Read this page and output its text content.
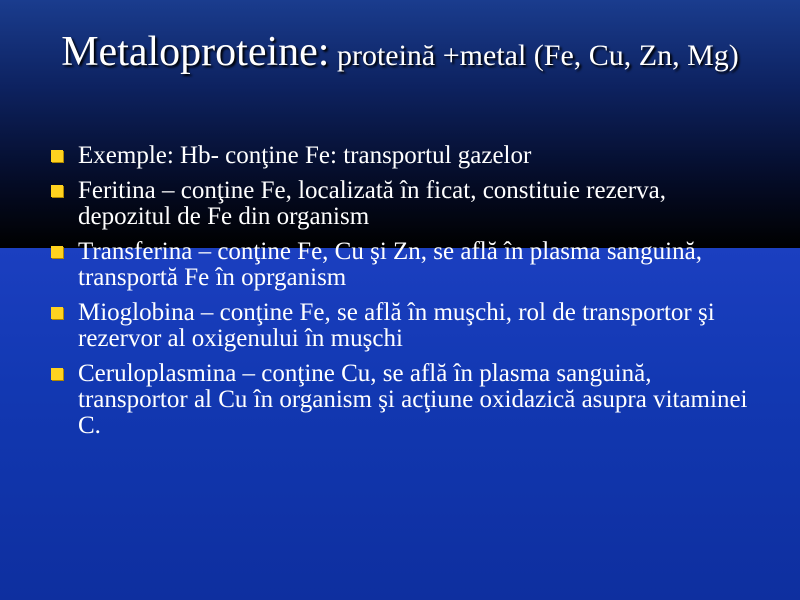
Metaloproteine: proteină +metal (Fe, Cu, Zn, Mg)
Exemple: Hb- conţine Fe: transportul gazelor
Feritina – conţine Fe, localizată în ficat, constituie rezerva, depozitul de Fe din organism
Transferina – conţine Fe, Cu şi Zn, se află în plasma sanguină, transportă Fe în oprganism
Mioglobina – conţine Fe, se află în muşchi, rol de transportor şi rezervor al oxigenului în muşchi
Ceruloplasmina – conţine Cu, se află în plasma sanguină, transportor al Cu în organism şi acţiune oxidazică asupra vitaminei C.
